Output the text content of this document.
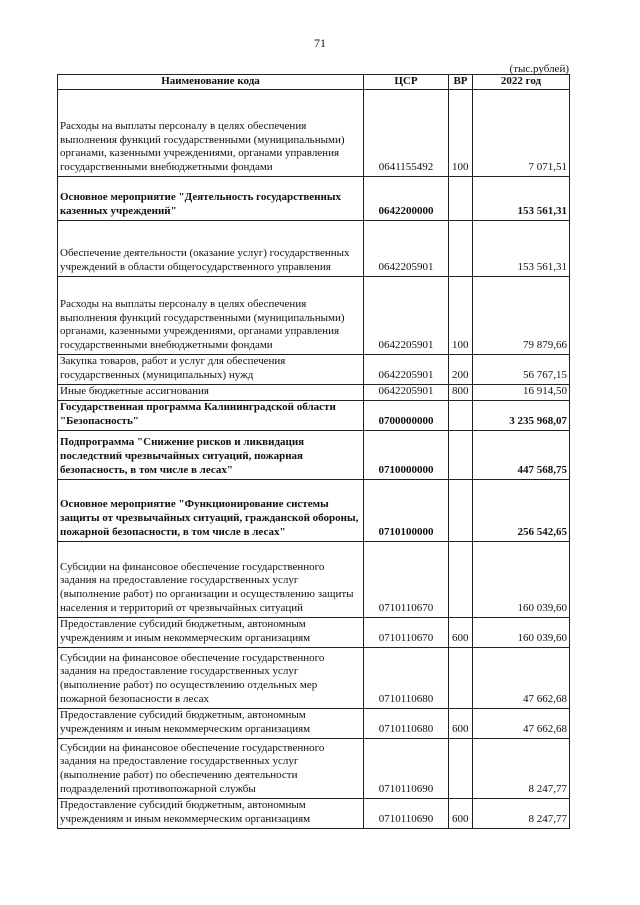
71
(тыс.рублей)
Наименование кода	ЦСР	ВР	2022 год
Расходы на выплаты персоналу в целях обеспечения выполнения функций государственными (муниципальными) органами, казенными учреждениями, органами управления государственными внебюджетными фондами	0641155492	100	7 071,51
Основное мероприятие "Деятельность государственных казенных учреждений"	0642200000		153 561,31
Обеспечение деятельности (оказание услуг) государственных учреждений в области общегосударственного управления	0642205901		153 561,31
Расходы на выплаты персоналу в целях обеспечения выполнения функций государственными (муниципальными) органами, казенными учреждениями, органами управления государственными внебюджетными фондами	0642205901	100	79 879,66
Закупка товаров, работ и услуг для обеспечения государственных (муниципальных) нужд	0642205901	200	56 767,15
Иные бюджетные ассигнования	0642205901	800	16 914,50
Государственная программа Калининградской области "Безопасность"	0700000000		3 235 968,07
Подпрограмма "Снижение рисков и ликвидация последствий чрезвычайных ситуаций, пожарная безопасность, в том числе в лесах"	0710000000		447 568,75
Основное мероприятие "Функционирование системы защиты от чрезвычайных ситуаций, гражданской обороны, пожарной безопасности, в том числе в лесах"	0710100000		256 542,65
Субсидии на финансовое обеспечение государственного задания на предоставление государственных услуг (выполнение работ) по организации и осуществлению защиты населения и территорий от чрезвычайных ситуаций	0710110670		160 039,60
Предоставление субсидий бюджетным, автономным учреждениям и иным некоммерческим организациям	0710110670	600	160 039,60
Субсидии на финансовое обеспечение государственного задания на предоставление государственных услуг (выполнение работ) по осуществлению отдельных мер пожарной безопасности в лесах	0710110680		47 662,68
Предоставление субсидий бюджетным, автономным учреждениям и иным некоммерческим организациям	0710110680	600	47 662,68
Субсидии на финансовое обеспечение государственного задания на предоставление государственных услуг (выполнение работ) по обеспечению деятельности подразделений противопожарной службы	0710110690		8 247,77
Предоставление субсидий бюджетным, автономным учреждениям и иным некоммерческим организациям	0710110690	600	8 247,77
